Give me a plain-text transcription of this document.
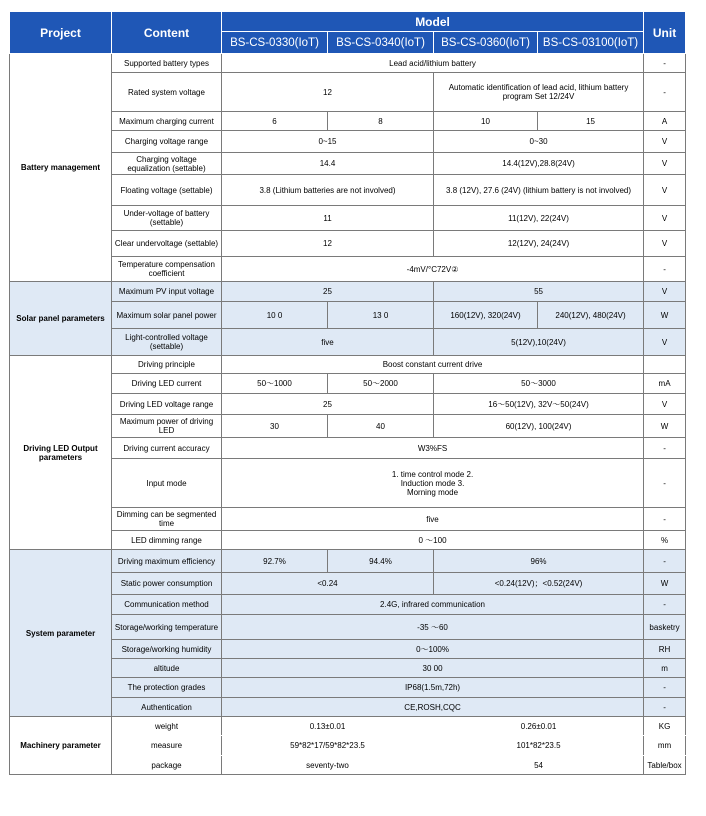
Project	Content	Model				Unit
		BS-CS-0330(IoT)	BS-CS-0340(IoT)	BS-CS-0360(IoT)	BS-CS-03100(IoT)	
Battery management	Supported battery types	Lead acid/lithium battery				-
	Rated system voltage	12		Automatic identification of lead acid, lithium battery program Set 12/24V		-
	Maximum charging current	6	8	10	15	A
	Charging voltage range	0~15		0~30		V
	Charging voltage equalization (settable)	14.4		14.4(12V),28.8(24V)		V
	Floating voltage (settable)	3.8 (Lithium batteries are not involved)		3.8 (12V), 27.6 (24V) (lithium battery is not involved)		V
	Under-voltage of battery (settable)	11		11(12V), 22(24V)		V
	Clear undervoltage (settable)	12		12(12V), 24(24V)		V
	Temperature compensation coefficient	-4mV/°C72V②				-
Solar panel parameters	Maximum PV input voltage	25		55		V
	Maximum solar panel power	10 0	13 0	160(12V), 320(24V)	240(12V), 480(24V)	W
	Light-controlled voltage (settable)	five		5(12V),10(24V)		V
Driving LED Output parameters	Driving principle	Boost constant current drive				
	Driving LED current	50～1000	50～2000	50～3000		mA
	Driving LED voltage range	25		16～50(12V), 32V～50(24V)		V
	Maximum power of driving LED	30	40	60(12V), 100(24V)		W
	Driving current accuracy	W3%FS				-
	Input mode	1. time control mode 2. Induction mode 3. Morning mode				-
	Dimming can be segmented time	five				-
	LED dimming range	0 ～100				%
System parameter	Driving maximum efficiency	92.7%	94.4%	96%		-
	Static power consumption	<0.24		<0.24(12V)；<0.52(24V)		W
	Communication method	2.4G, infrared communication				-
	Storage/working temperature	-35 ～60				basketry
	Storage/working humidity	0～100%				RH
	altitude	30 00				m
	The protection grades	IP68(1.5m,72h)				-
	Authentication	CE,ROSH,CQC				-
Machinery parameter	weight	0.13±0.01		0.26±0.01		KG
	measure	59*82*17/59*82*23.5		101*82*23.5		mm
	package	seventy-two		54		Table/box
